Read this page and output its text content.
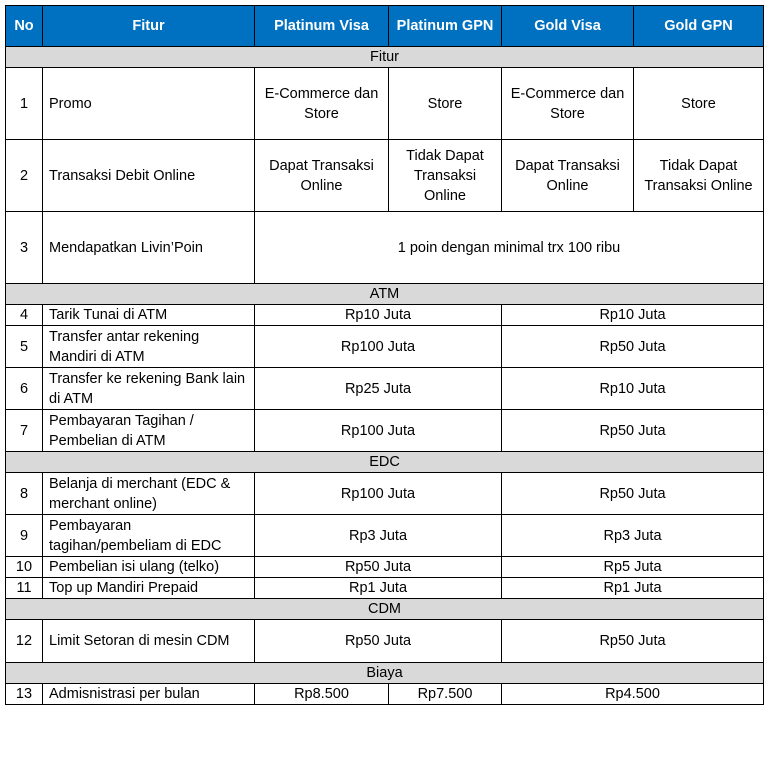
No	Fitur	Platinum Visa	Platinum GPN	Gold Visa	Gold GPN
Fitur					
1	Promo	E-Commerce dan Store	Store	E-Commerce dan Store	Store
2	Transaksi Debit Online	Dapat Transaksi Online	Tidak Dapat Transaksi Online	Dapat Transaksi Online	Tidak Dapat Transaksi Online
3	Mendapatkan Livin’Poin	1 poin dengan minimal trx 100 ribu			
ATM					
4	Tarik Tunai di ATM	Rp10 Juta		Rp10 Juta	
5	Transfer antar rekening Mandiri di ATM	Rp100 Juta		Rp50 Juta	
6	Transfer ke rekening Bank lain di ATM	Rp25 Juta		Rp10 Juta	
7	Pembayaran Tagihan / Pembelian di ATM	Rp100 Juta		Rp50 Juta	
EDC					
8	Belanja di merchant (EDC & merchant online)	Rp100 Juta		Rp50 Juta	
9	Pembayaran tagihan/pembeliam di EDC	Rp3 Juta		Rp3 Juta	
10	Pembelian isi ulang (telko)	Rp50 Juta		Rp5 Juta	
11	Top up Mandiri Prepaid	Rp1 Juta		Rp1 Juta	
CDM					
12	Limit Setoran di mesin CDM	Rp50 Juta		Rp50 Juta	
Biaya					
13	Admisnistrasi per bulan	Rp8.500	Rp7.500	Rp4.500	
